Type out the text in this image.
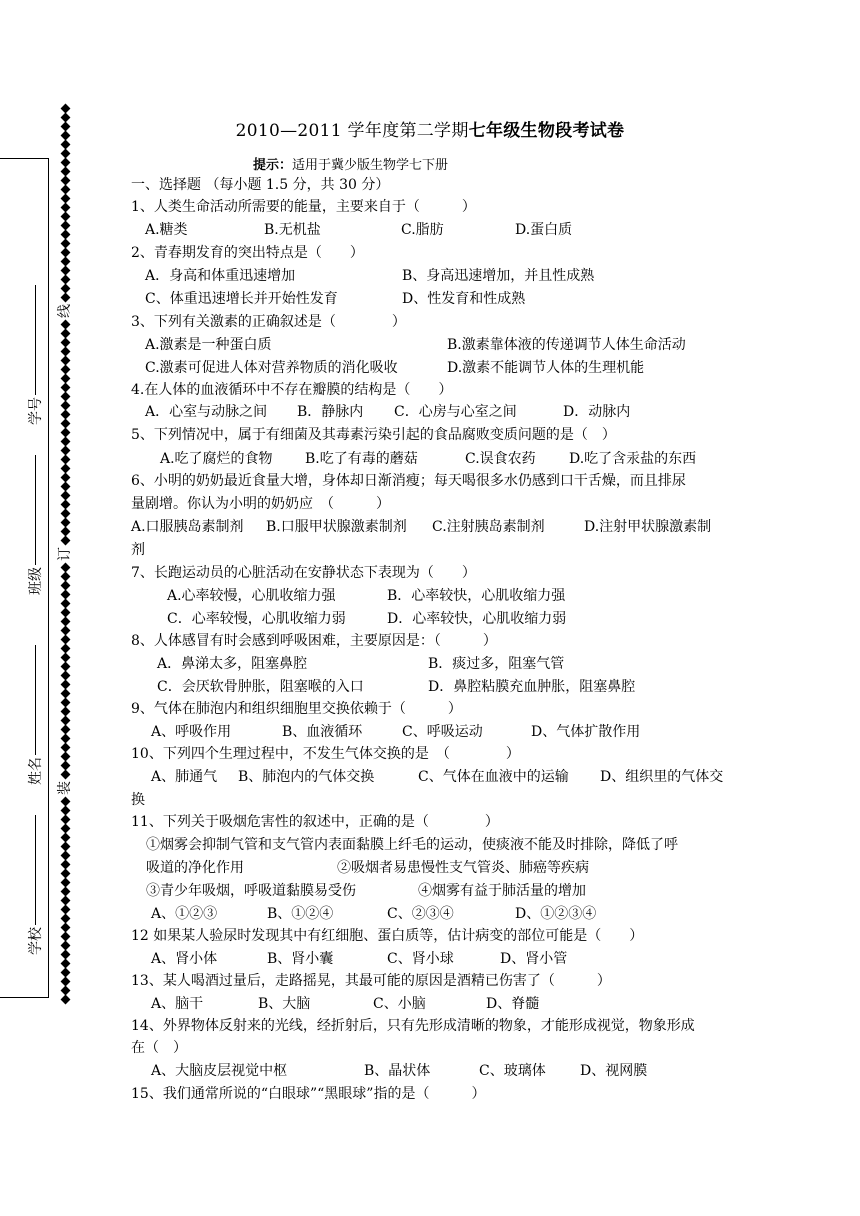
线
订
装
学号
班级
姓名
学校
2010—2011 学年度第二学期七年级生物段考试卷
提示：适用于冀少版生物学七下册
一、选择题 （每小题 1.5 分，共 30 分）
1、人类生命活动所需要的能量，主要来自于（　　　）
A.糖类	B.无机盐	C.脂肪	D.蛋白质
2、青春期发育的突出特点是（　　）
A．身高和体重迅速增加	B、身高迅速增加，并且性成熟
C、体重迅速增长并开始性发育	D、性发育和性成熟
3、下列有关激素的正确叙述是（　　　　）
A.激素是一种蛋白质	B.激素靠体液的传递调节人体生命活动
C.激素可促进人体对营养物质的消化吸收	D.激素不能调节人体的生理机能
4.在人体的血液循环中不存在瓣膜的结构是（　　）
A．心室与动脉之间 B．静脉内 C．心房与心室之间	D．动脉内
5、下列情况中，属于有细菌及其毒素污染引起的食品腐败变质问题的是（　）
A.吃了腐烂的食物 B.吃了有毒的蘑菇	C.误食农药 D.吃了含汞盐的东西
6、小明的奶奶最近食量大增，身体却日渐消瘦；每天喝很多水仍感到口干舌燥，而且排尿
量剧增。你认为小明的奶奶应　（　　　）
A.口服胰岛素制剂 B.口服甲状腺激素制剂 C.注射胰岛素制剂	D.注射甲状腺激素制
剂
7、长跑运动员的心脏活动在安静状态下表现为（　　）
A.心率较慢，心肌收缩力强	B．心率较快，心肌收缩力强
C．心率较慢，心肌收缩力弱	D．心率较快，心肌收缩力弱
8、人体感冒有时会感到呼吸困难，主要原因是：（　　　）
A．鼻涕太多，阻塞鼻腔	B．痰过多，阻塞气管
C．会厌软骨肿胀，阻塞喉的入口	D．鼻腔粘膜充血肿胀，阻塞鼻腔
9、气体在肺泡内和组织细胞里交换依赖于（　　　）
A、呼吸作用	B、血液循环	C、呼吸运动	D、气体扩散作用
10、下列四个生理过程中，不发生气体交换的是　（　　　　）
A、肺通气 B、肺泡内的气体交换	C、气体在血液中的运输 D、组织里的气体交
换
11、下列关于吸烟危害性的叙述中，正确的是（　　　　）
①烟雾会抑制气管和支气管内表面黏膜上纤毛的运动，使痰液不能及时排除，降低了呼
吸道的净化作用	②吸烟者易患慢性支气管炎、肺癌等疾病
③青少年吸烟，呼吸道黏膜易受伤	④烟雾有益于肺活量的增加
A、①②③	B、①②④	C、②③④	D、①②③④
12 如果某人验尿时发现其中有红细胞、蛋白质等，估计病变的部位可能是（　　）
A、肾小体	B、肾小囊	C、肾小球	D、肾小管
13、某人喝酒过量后，走路摇晃，其最可能的原因是酒精已伤害了（　　　）
A、脑干	B、大脑	C、小脑	D、脊髓
14、外界物体反射来的光线，经折射后，只有先形成清晰的物象，才能形成视觉，物象形成
在（　）
A、大脑皮层视觉中枢	B、晶状体	C、玻璃体 D、视网膜
15、我们通常所说的“白眼球”“黑眼球”指的是（　　　）
